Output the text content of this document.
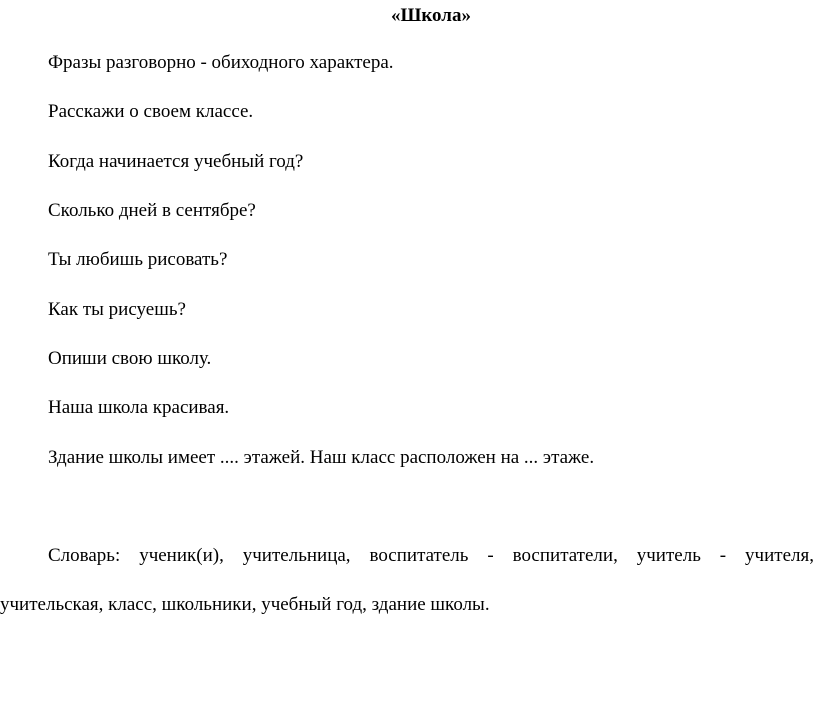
«Школа»
Фразы разговорно - обиходного характера.
Расскажи о своем классе.
Когда начинается учебный год?
Сколько дней в сентябре?
Ты любишь рисовать?
Как ты рисуешь?
Опиши свою школу.
Наша школа красивая.
Здание школы имеет .... этажей. Наш класс расположен на ... этаже.
Словарь: ученик(и), учительница, воспитатель - воспитатели, учитель - учителя,
учительская, класс, школьники, учебный год, здание школы.
